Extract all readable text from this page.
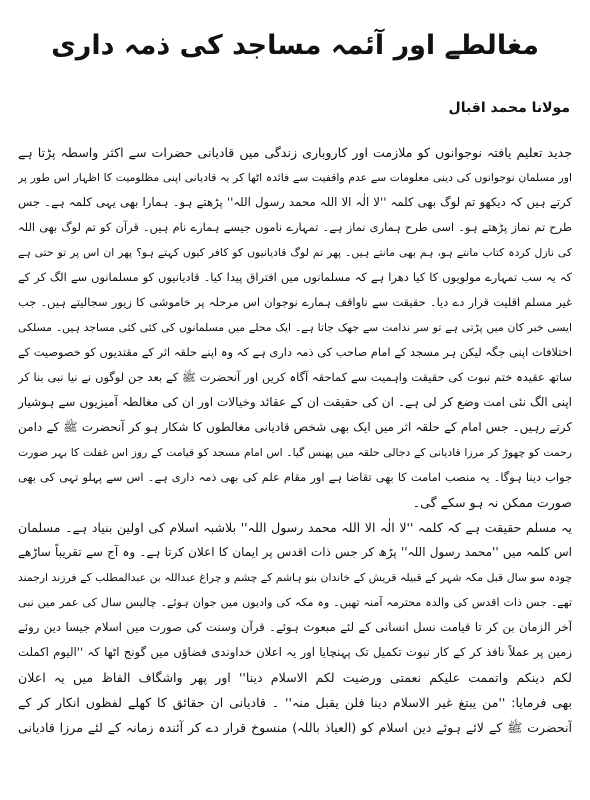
مغالطے اور آئمہ مساجد کی ذمہ داری
مولانا محمد اقبال
جدید تعلیم یافتہ نوجوانوں کو ملازمت اور کاروباری زندگی میں قادیانی حضرات سے اکثر واسطہ پڑتا ہے
اور مسلمان نوجوانوں کی دینی معلومات سے عدم واقفیت سے فائدہ اٹھا کر یہ قادیانی اپنی مظلومیت کا اظہار اس طور پر
کرتے ہیں کہ دیکھو تم لوگ بھی کلمہ ''لا الٰہ الا اللہ محمد رسول اللہ'' پڑھتے ہو۔ ہمارا بھی یہی کلمہ ہے۔ جس
طرح تم نماز پڑھتے ہو۔ اسی طرح ہماری نماز ہے۔ تمہارے ناموں جیسے ہمارے نام ہیں۔ قرآن کو تم لوگ بھی اللہ
کی نازل کردہ کتاب مانتے ہو، ہم بھی مانتے ہیں۔ پھر تم لوگ قادیانیوں کو کافر کیوں کہتے ہو؟ پھر ان اس پر تو حتی ہے
کہ یہ سب تمہارے مولویوں کا کیا دھرا ہے کہ مسلمانوں میں افتراق پیدا کیا۔ قادیانیوں کو مسلمانوں سے الگ کر کے
غیر مسلم اقلیت قرار دے دیا۔ حقیقت سے ناواقف ہمارے نوجوان اس مرحلہ پر خاموشی کا زیور سجالیتے ہیں۔ جب
ایسی خبر کان میں پڑتی ہے تو سر ندامت سے جھک جاتا ہے۔ ایک محلے میں مسلمانوں کی کئی کئی مساجد ہیں۔ مسلکی
اختلافات اپنی جگہ لیکن ہر مسجد کے امام صاحب کی ذمہ داری ہے کہ وہ اپنے حلقہ اثر کے مقتدیوں کو خصوصیت کے
ساتھ عقیدہ ختم نبوت کی حقیقت واہمیت سے کماحقہ آگاہ کریں اور آنحضرت ﷺ کے بعد جن لوگوں نے نیا نبی بنا کر
اپنی الگ نئی امت وضع کر لی ہے۔ ان کی حقیقت ان کے عقائد وخیالات اور ان کی مغالطہ آمیزیوں سے ہوشیار
کرتے رہیں۔ جس امام کے حلقہ اثر میں ایک بھی شخص قادیانی مغالطوں کا شکار ہو کر آنحضرت ﷺ کے دامن
رحمت کو چھوڑ کر مرزا قادیانی کے دجالی حلقہ میں پھنس گیا۔ اس امام مسجد کو قیامت کے روز اس غفلت کا بہر صورت
جواب دینا ہوگا۔ یہ منصب امامت کا بھی تقاضا ہے اور مقام علم کی بھی ذمہ داری ہے۔ اس سے پہلو تہی کی بھی
صورت ممکن نہ ہو سکے گی۔
یہ مسلم حقیقت ہے کہ کلمہ ''لا الٰہ الا اللہ محمد رسول اللہ'' بلاشبہ اسلام کی اولین بنیاد ہے۔ مسلمان
اس کلمہ میں ''محمد رسول اللہ'' پڑھ کر جس ذات اقدس پر ایمان کا اعلان کرتا ہے۔ وہ آج سے تقریباً ساڑھے
چودہ سو سال قبل مکہ شہر کے قبیلہ قریش کے خاندان بنو ہاشم کے چشم و چراغ عبداللہ بن عبدالمطلب کے فرزند ارجمند
تھے۔ جس ذات اقدس کی والدہ محترمہ آمنہ تھیں۔ وہ مکہ کی وادیوں میں جوان ہوئے۔ چالیس سال کی عمر میں نبی
آخر الزمان بن کر تا قیامت نسل انسانی کے لئے مبعوث ہوئے۔ قرآن وسنت کی صورت میں اسلام جیسا دین روئے
زمین پر عملاً نافذ کر کے کار نبوت تکمیل تک پہنچایا اور یہ اعلان خداوندی فضاؤں میں گونج اٹھا کہ ''الیوم اکملت
لکم دینکم واتممت علیکم نعمتی ورضیت لکم الاسلام دینا'' اور پھر واشگاف الفاظ میں یہ اعلان
بھی فرمایا: ''من یبتغ غیر الاسلام دینا فلن یقبل منہ'' ۔ قادیانی ان حقائق کا کھلے لفظوں انکار کر کے
آنحضرت ﷺ کے لائے ہوئے دین اسلام کو (العیاذ باللہ) منسوخ قرار دے کر آئندہ زمانہ کے لئے مرزا قادیانی
